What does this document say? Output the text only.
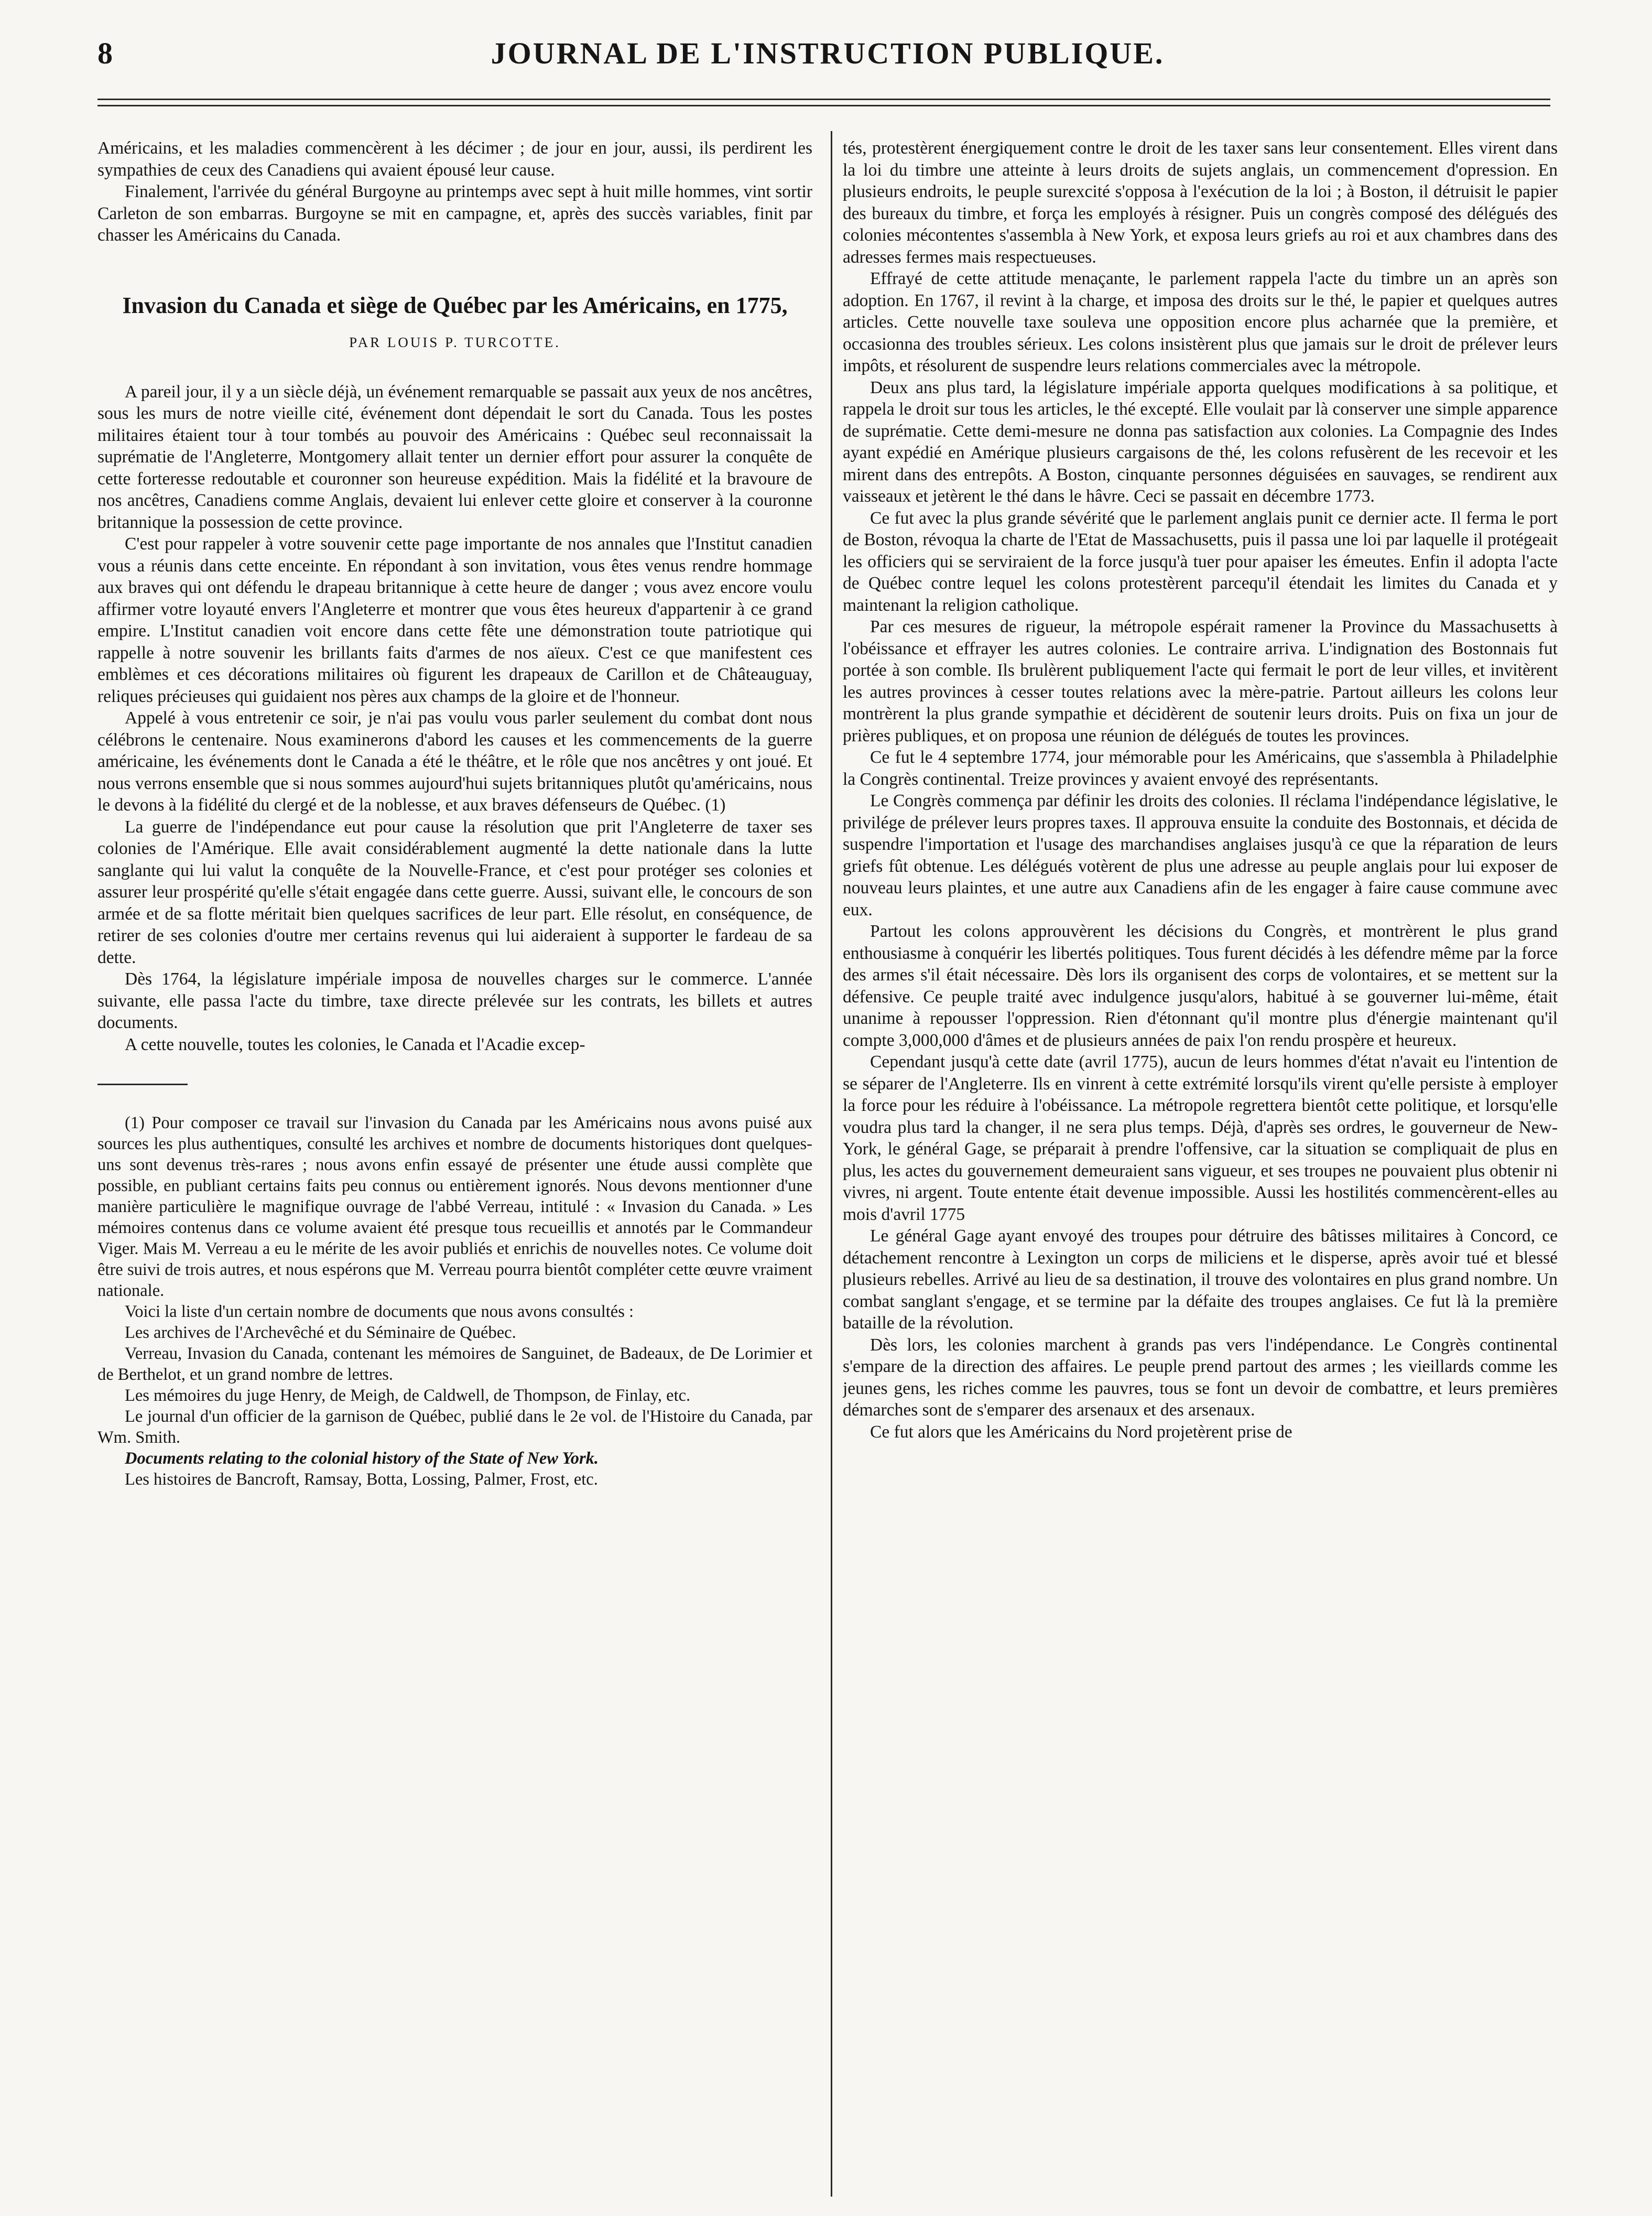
8	JOURNAL DE L'INSTRUCTION PUBLIQUE.

Américains, et les maladies commencèrent à les décimer ; de jour en jour, aussi, ils perdirent les sympathies de ceux des Canadiens qui avaient épousé leur cause.

Finalement, l'arrivée du général Burgoyne au printemps avec sept à huit mille hommes, vint sortir Carleton de son embarras. Burgoyne se mit en campagne, et, après des succès variables, finit par chasser les Américains du Canada.

Invasion du Canada et siège de Québec par les Américains, en 1775,
PAR LOUIS P. TURCOTTE.

A pareil jour, il y a un siècle déjà, un événement remarquable se passait aux yeux de nos ancêtres, sous les murs de notre vieille cité, événement dont dépendait le sort du Canada. Tous les postes militaires étaient tour à tour tombés au pouvoir des Américains : Québec seul reconnaissait la suprématie de l'Angleterre, Montgomery allait tenter un dernier effort pour assurer la conquête de cette forteresse redoutable et couronner son heureuse expédition. Mais la fidélité et la bravoure de nos ancêtres, Canadiens comme Anglais, devaient lui enlever cette gloire et conserver à la couronne britannique la possession de cette province.

C'est pour rappeler à votre souvenir cette page importante de nos annales que l'Institut canadien vous a réunis dans cette enceinte. En répondant à son invitation, vous êtes venus rendre hommage aux braves qui ont défendu le drapeau britannique à cette heure de danger ; vous avez encore voulu affirmer votre loyauté envers l'Angleterre et montrer que vous êtes heureux d'appartenir à ce grand empire. L'Institut canadien voit encore dans cette fête une démonstration toute patriotique qui rappelle à notre souvenir les brillants faits d'armes de nos aïeux. C'est ce que manifestent ces emblèmes et ces décorations militaires où figurent les drapeaux de Carillon et de Châteauguay, reliques précieuses qui guidaient nos pères aux champs de la gloire et de l'honneur.

Appelé à vous entretenir ce soir, je n'ai pas voulu vous parler seulement du combat dont nous célébrons le centenaire. Nous examinerons d'abord les causes et les commencements de la guerre américaine, les événements dont le Canada a été le théâtre, et le rôle que nos ancêtres y ont joué. Et nous verrons ensemble que si nous sommes aujourd'hui sujets britanniques plutôt qu'américains, nous le devons à la fidélité du clergé et de la noblesse, et aux braves défenseurs de Québec. (1)

La guerre de l'indépendance eut pour cause la résolution que prit l'Angleterre de taxer ses colonies de l'Amérique. Elle avait considérablement augmenté la dette nationale dans la lutte sanglante qui lui valut la conquête de la Nouvelle-France, et c'est pour protéger ses colonies et assurer leur prospérité qu'elle s'était engagée dans cette guerre. Aussi, suivant elle, le concours de son armée et de sa flotte méritait bien quelques sacrifices de leur part. Elle résolut, en conséquence, de retirer de ses colonies d'outre mer certains revenus qui lui aideraient à supporter le fardeau de sa dette.

Dès 1764, la législature impériale imposa de nouvelles charges sur le commerce. L'année suivante, elle passa l'acte du timbre, taxe directe prélevée sur les contrats, les billets et autres documents.

A cette nouvelle, toutes les colonies, le Canada et l'Acadie excep-

(1) Pour composer ce travail sur l'invasion du Canada par les Américains nous avons puisé aux sources les plus authentiques, consulté les archives et nombre de documents historiques dont quelques-uns sont devenus très-rares ; nous avons enfin essayé de présenter une étude aussi complète que possible, en publiant certains faits peu connus ou entièrement ignorés. Nous devons mentionner d'une manière particulière le magnifique ouvrage de l'abbé Verreau, intitulé : « Invasion du Canada. » Les mémoires contenus dans ce volume avaient été presque tous recueillis et annotés par le Commandeur Viger. Mais M. Verreau a eu le mérite de les avoir publiés et enrichis de nouvelles notes. Ce volume doit être suivi de trois autres, et nous espérons que M. Verreau pourra bientôt compléter cette œuvre vraiment nationale.

Voici la liste d'un certain nombre de documents que nous avons consultés :

Les archives de l'Archevêché et du Séminaire de Québec.

Verreau, Invasion du Canada, contenant les mémoires de Sanguinet, de Badeaux, de De Lorimier et de Berthelot, et un grand nombre de lettres.

Les mémoires du juge Henry, de Meigh, de Caldwell, de Thompson, de Finlay, etc.

Le journal d'un officier de la garnison de Québec, publié dans le 2e vol. de l'Histoire du Canada, par Wm. Smith.

Documents relating to the colonial history of the State of New York.

Les histoires de Bancroft, Ramsay, Botta, Lossing, Palmer, Frost, etc.

tés, protestèrent énergiquement contre le droit de les taxer sans leur consentement. Elles virent dans la loi du timbre une atteinte à leurs droits de sujets anglais, un commencement d'opression. En plusieurs endroits, le peuple surexcité s'opposa à l'exécution de la loi ; à Boston, il détruisit le papier des bureaux du timbre, et força les employés à résigner. Puis un congrès composé des délégués des colonies mécontentes s'assembla à New York, et exposa leurs griefs au roi et aux chambres dans des adresses fermes mais respectueuses.

Effrayé de cette attitude menaçante, le parlement rappela l'acte du timbre un an après son adoption. En 1767, il revint à la charge, et imposa des droits sur le thé, le papier et quelques autres articles. Cette nouvelle taxe souleva une opposition encore plus acharnée que la première, et occasionna des troubles sérieux. Les colons insistèrent plus que jamais sur le droit de prélever leurs impôts, et résolurent de suspendre leurs relations commerciales avec la métropole.

Deux ans plus tard, la législature impériale apporta quelques modifications à sa politique, et rappela le droit sur tous les articles, le thé excepté. Elle voulait par là conserver une simple apparence de suprématie. Cette demi-mesure ne donna pas satisfaction aux colonies. La Compagnie des Indes ayant expédié en Amérique plusieurs cargaisons de thé, les colons refusèrent de les recevoir et les mirent dans des entrepôts. A Boston, cinquante personnes déguisées en sauvages, se rendirent aux vaisseaux et jetèrent le thé dans le hâvre. Ceci se passait en décembre 1773.

Ce fut avec la plus grande sévérité que le parlement anglais punit ce dernier acte. Il ferma le port de Boston, révoqua la charte de l'Etat de Massachusetts, puis il passa une loi par laquelle il protégeait les officiers qui se serviraient de la force jusqu'à tuer pour apaiser les émeutes. Enfin il adopta l'acte de Québec contre lequel les colons protestèrent parcequ'il étendait les limites du Canada et y maintenant la religion catholique.

Par ces mesures de rigueur, la métropole espérait ramener la Province du Massachusetts à l'obéissance et effrayer les autres colonies. Le contraire arriva. L'indignation des Bostonnais fut portée à son comble. Ils brulèrent publiquement l'acte qui fermait le port de leur villes, et invitèrent les autres provinces à cesser toutes relations avec la mère-patrie. Partout ailleurs les colons leur montrèrent la plus grande sympathie et décidèrent de soutenir leurs droits. Puis on fixa un jour de prières publiques, et on proposa une réunion de délégués de toutes les provinces.

Ce fut le 4 septembre 1774, jour mémorable pour les Américains, que s'assembla à Philadelphie la Congrès continental. Treize provinces y avaient envoyé des représentants.

Le Congrès commença par définir les droits des colonies. Il réclama l'indépendance législative, le privilége de prélever leurs propres taxes. Il approuva ensuite la conduite des Bostonnais, et décida de suspendre l'importation et l'usage des marchandises anglaises jusqu'à ce que la réparation de leurs griefs fût obtenue. Les délégués votèrent de plus une adresse au peuple anglais pour lui exposer de nouveau leurs plaintes, et une autre aux Canadiens afin de les engager à faire cause commune avec eux.

Partout les colons approuvèrent les décisions du Congrès, et montrèrent le plus grand enthousiasme à conquérir les libertés politiques. Tous furent décidés à les défendre même par la force des armes s'il était nécessaire. Dès lors ils organisent des corps de volontaires, et se mettent sur la défensive. Ce peuple traité avec indulgence jusqu'alors, habitué à se gouverner lui-même, était unanime à repousser l'oppression. Rien d'étonnant qu'il montre plus d'énergie maintenant qu'il compte 3,000,000 d'âmes et de plusieurs années de paix l'on rendu prospère et heureux.

Cependant jusqu'à cette date (avril 1775), aucun de leurs hommes d'état n'avait eu l'intention de se séparer de l'Angleterre. Ils en vinrent à cette extrémité lorsqu'ils virent qu'elle persiste à employer la force pour les réduire à l'obéissance. La métropole regrettera bientôt cette politique, et lorsqu'elle voudra plus tard la changer, il ne sera plus temps. Déjà, d'après ses ordres, le gouverneur de New-York, le général Gage, se préparait à prendre l'offensive, car la situation se compliquait de plus en plus, les actes du gouvernement demeuraient sans vigueur, et ses troupes ne pouvaient plus obtenir ni vivres, ni argent. Toute entente était devenue impossible. Aussi les hostilités commencèrent-elles au mois d'avril 1775

Le général Gage ayant envoyé des troupes pour détruire des bâtisses militaires à Concord, ce détachement rencontre à Lexington un corps de miliciens et le disperse, après avoir tué et blessé plusieurs rebelles. Arrivé au lieu de sa destination, il trouve des volontaires en plus grand nombre. Un combat sanglant s'engage, et se termine par la défaite des troupes anglaises. Ce fut là la première bataille de la révolution.

Dès lors, les colonies marchent à grands pas vers l'indépendance. Le Congrès continental s'empare de la direction des affaires. Le peuple prend partout des armes ; les vieillards comme les jeunes gens, les riches comme les pauvres, tous se font un devoir de combattre, et leurs premières démarches sont de s'emparer des arsenaux et des arsenaux.

Ce fut alors que les Américains du Nord projetèrent prise de
